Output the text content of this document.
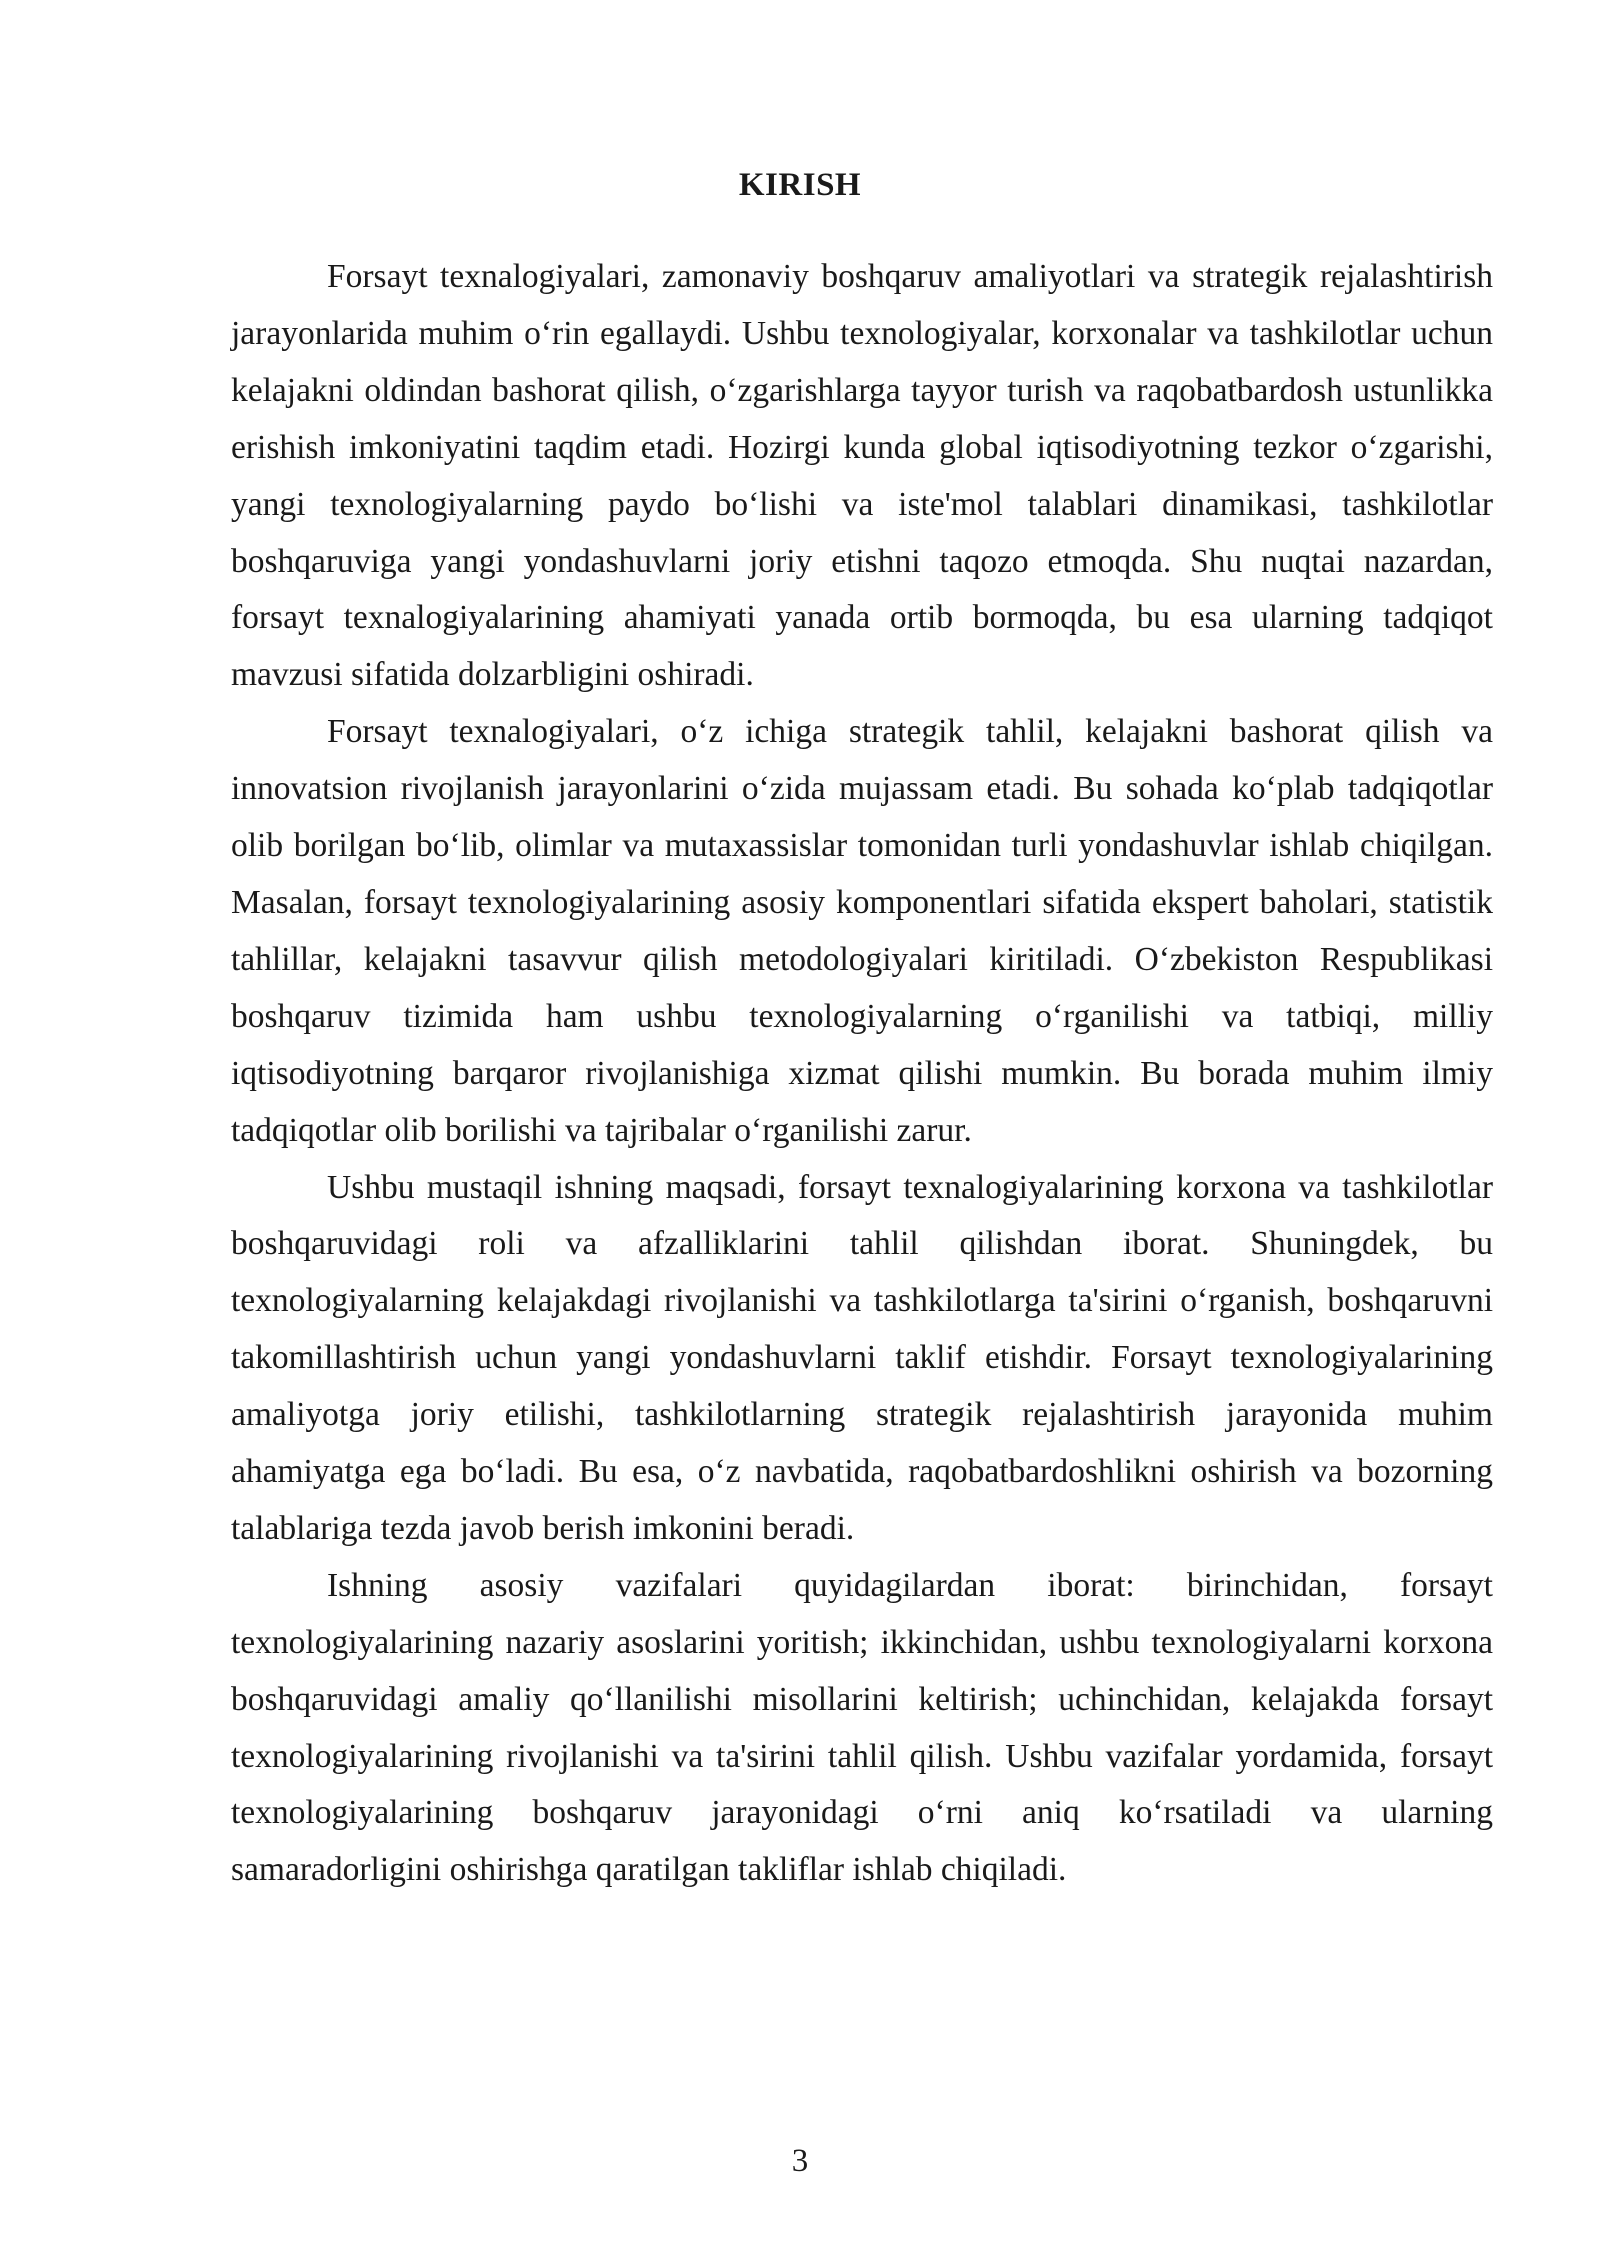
KIRISH

Forsayt texnalogiyalari, zamonaviy boshqaruv amaliyotlari va strategik rejalashtirish jarayonlarida muhim o‘rin egallaydi. Ushbu texnologiyalar, korxonalar va tashkilotlar uchun kelajakni oldindan bashorat qilish, o‘zgarishlarga tayyor turish va raqobatbardosh ustunlikka erishish imkoniyatini taqdim etadi. Hozirgi kunda global iqtisodiyotning tezkor o‘zgarishi, yangi texnologiyalarning paydo bo‘lishi va iste'mol talablari dinamikasi, tashkilotlar boshqaruviga yangi yondashuvlarni joriy etishni taqozo etmoqda. Shu nuqtai nazardan, forsayt texnalogiyalarining ahamiyati yanada ortib bormoqda, bu esa ularning tadqiqot mavzusi sifatida dolzarbligini oshiradi.

Forsayt texnalogiyalari, o‘z ichiga strategik tahlil, kelajakni bashorat qilish va innovatsion rivojlanish jarayonlarini o‘zida mujassam etadi. Bu sohada ko‘plab tadqiqotlar olib borilgan bo‘lib, olimlar va mutaxassislar tomonidan turli yondashuvlar ishlab chiqilgan. Masalan, forsayt texnologiyalarining asosiy komponentlari sifatida ekspert baholari, statistik tahlillar, kelajakni tasavvur qilish metodologiyalari kiritiladi. O‘zbekiston Respublikasi boshqaruv tizimida ham ushbu texnologiyalarning o‘rganilishi va tatbiqi, milliy iqtisodiyotning barqaror rivojlanishiga xizmat qilishi mumkin. Bu borada muhim ilmiy tadqiqotlar olib borilishi va tajribalar o‘rganilishi zarur.

Ushbu mustaqil ishning maqsadi, forsayt texnalogiyalarining korxona va tashkilotlar boshqaruvidagi roli va afzalliklarini tahlil qilishdan iborat. Shuningdek, bu texnologiyalarning kelajakdagi rivojlanishi va tashkilotlarga ta'sirini o‘rganish, boshqaruvni takomillashtirish uchun yangi yondashuvlarni taklif etishdir. Forsayt texnologiyalarining amaliyotga joriy etilishi, tashkilotlarning strategik rejalashtirish jarayonida muhim ahamiyatga ega bo‘ladi. Bu esa, o‘z navbatida, raqobatbardoshlikni oshirish va bozorning talablariga tezda javob berish imkonini beradi.

Ishning asosiy vazifalari quyidagilardan iborat: birinchidan, forsayt texnologiyalarining nazariy asoslarini yoritish; ikkinchidan, ushbu texnologiyalarni korxona boshqaruvidagi amaliy qo‘llanilishi misollarini keltirish; uchinchidan, kelajakda forsayt texnologiyalarining rivojlanishi va ta'sirini tahlil qilish. Ushbu vazifalar yordamida, forsayt texnologiyalarining boshqaruv jarayonidagi o‘rni aniq ko‘rsatiladi va ularning samaradorligini oshirishga qaratilgan takliflar ishlab chiqiladi.

3
